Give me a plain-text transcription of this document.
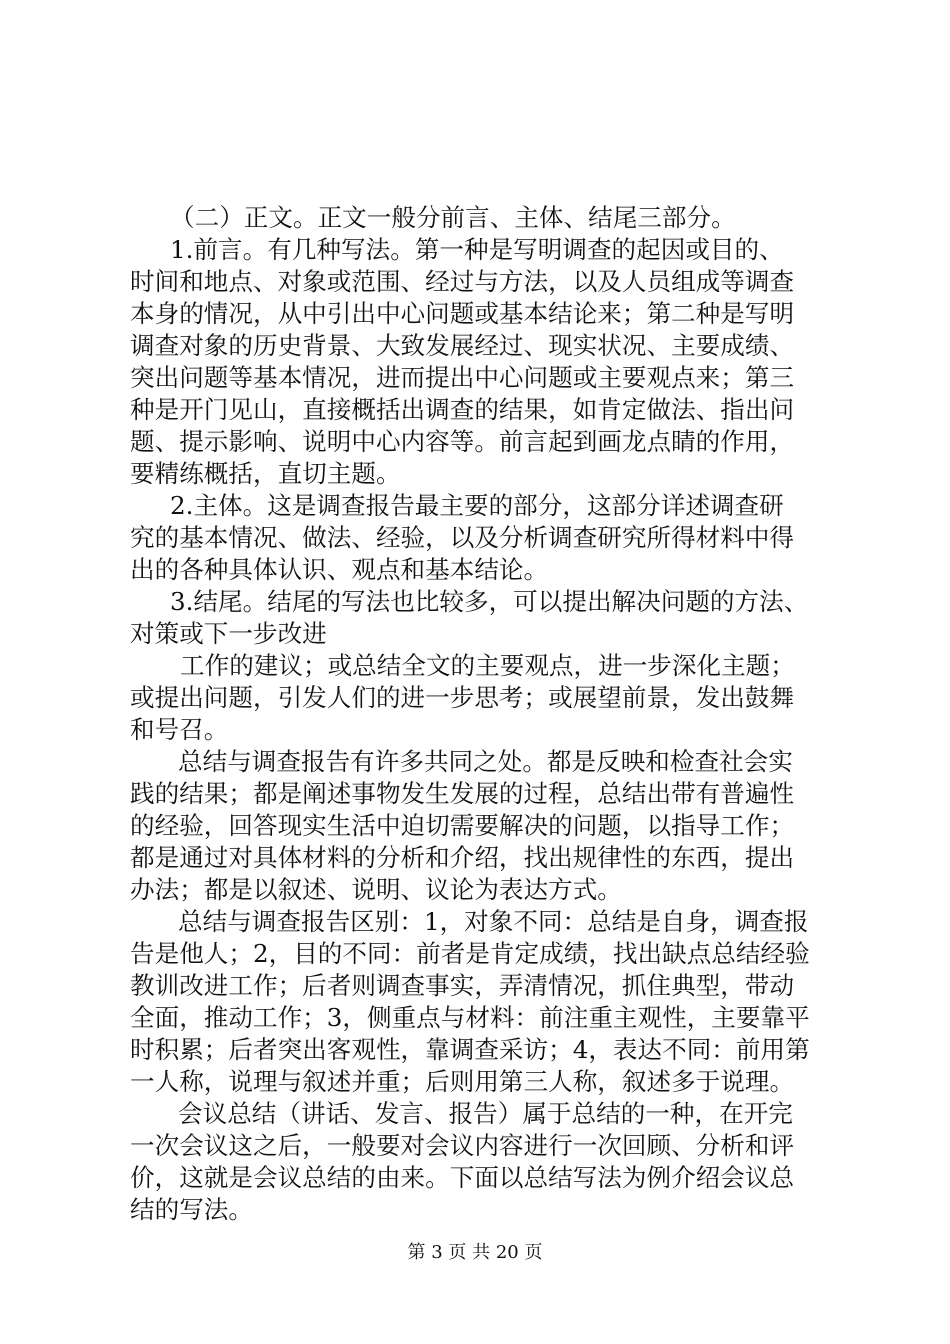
（二）正文。正文一般分前言、主体、结尾三部分。
1.前言。有几种写法。第一种是写明调查的起因或目的、
时间和地点、对象或范围、经过与方法，以及人员组成等调查
本身的情况，从中引出中心问题或基本结论来；第二种是写明
调查对象的历史背景、大致发展经过、现实状况、主要成绩、
突出问题等基本情况，进而提出中心问题或主要观点来；第三
种是开门见山，直接概括出调查的结果，如肯定做法、指出问
题、提示影响、说明中心内容等。前言起到画龙点睛的作用，
要精练概括，直切主题。
2.主体。这是调查报告最主要的部分，这部分详述调查研
究的基本情况、做法、经验，以及分析调查研究所得材料中得
出的各种具体认识、观点和基本结论。
3.结尾。结尾的写法也比较多，可以提出解决问题的方法、
对策或下一步改进
工作的建议；或总结全文的主要观点，进一步深化主题；
或提出问题，引发人们的进一步思考；或展望前景，发出鼓舞
和号召。
总结与调查报告有许多共同之处。都是反映和检查社会实
践的结果；都是阐述事物发生发展的过程，总结出带有普遍性
的经验，回答现实生活中迫切需要解决的问题，以指导工作；
都是通过对具体材料的分析和介绍，找出规律性的东西，提出
办法；都是以叙述、说明、议论为表达方式。
总结与调查报告区别：1，对象不同：总结是自身，调查报
告是他人；2，目的不同：前者是肯定成绩，找出缺点总结经验
教训改进工作；后者则调查事实，弄清情况，抓住典型，带动
全面，推动工作；3，侧重点与材料：前注重主观性，主要靠平
时积累；后者突出客观性，靠调查采访；4，表达不同：前用第
一人称，说理与叙述并重；后则用第三人称，叙述多于说理。
会议总结（讲话、发言、报告）属于总结的一种，在开完
一次会议这之后，一般要对会议内容进行一次回顾、分析和评
价，这就是会议总结的由来。下面以总结写法为例介绍会议总
结的写法。
第 3 页 共 20 页
